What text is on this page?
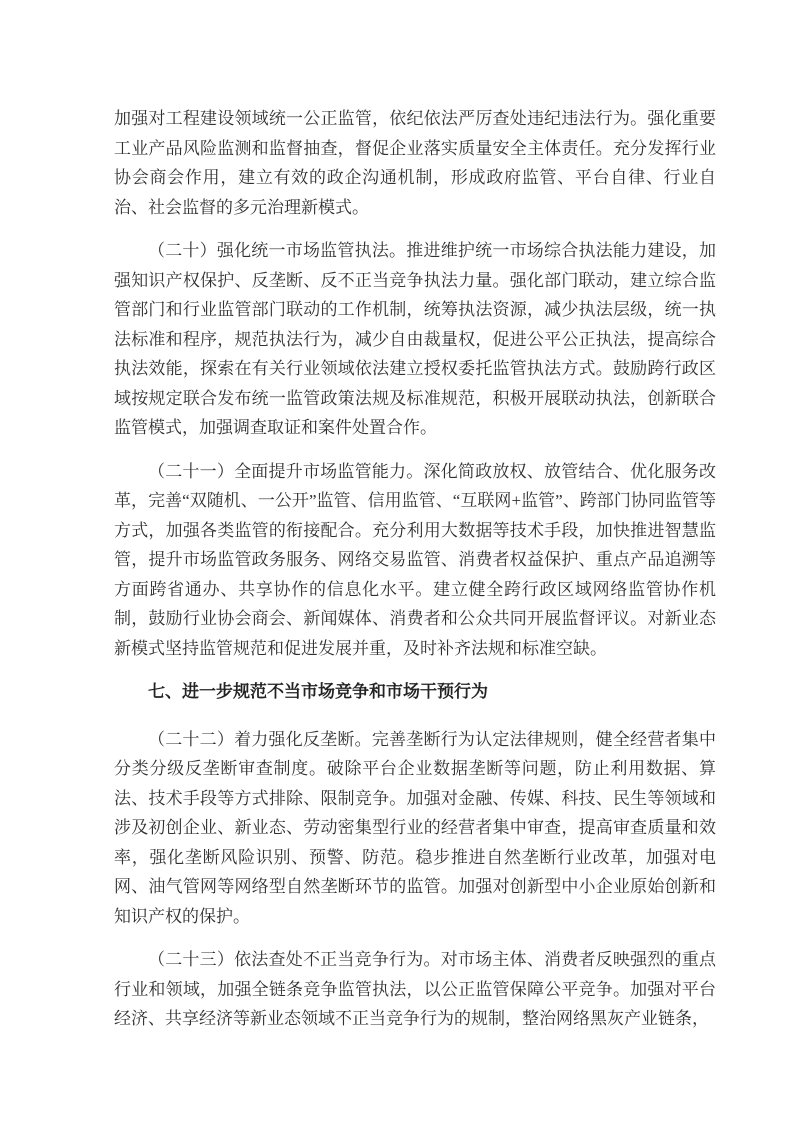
加强对工程建设领域统一公正监管，依纪依法严厉查处违纪违法行为。强化重要工业产品风险监测和监督抽查，督促企业落实质量安全主体责任。充分发挥行业协会商会作用，建立有效的政企沟通机制，形成政府监管、平台自律、行业自治、社会监督的多元治理新模式。

（二十）强化统一市场监管执法。推进维护统一市场综合执法能力建设，加强知识产权保护、反垄断、反不正当竞争执法力量。强化部门联动，建立综合监管部门和行业监管部门联动的工作机制，统筹执法资源，减少执法层级，统一执法标准和程序，规范执法行为，减少自由裁量权，促进公平公正执法，提高综合执法效能，探索在有关行业领域依法建立授权委托监管执法方式。鼓励跨行政区域按规定联合发布统一监管政策法规及标准规范，积极开展联动执法，创新联合监管模式，加强调查取证和案件处置合作。

（二十一）全面提升市场监管能力。深化简政放权、放管结合、优化服务改革，完善“双随机、一公开”监管、信用监管、“互联网+监管”、跨部门协同监管等方式，加强各类监管的衔接配合。充分利用大数据等技术手段，加快推进智慧监管，提升市场监管政务服务、网络交易监管、消费者权益保护、重点产品追溯等方面跨省通办、共享协作的信息化水平。建立健全跨行政区域网络监管协作机制，鼓励行业协会商会、新闻媒体、消费者和公众共同开展监督评议。对新业态新模式坚持监管规范和促进发展并重，及时补齐法规和标准空缺。

七、进一步规范不当市场竞争和市场干预行为

（二十二）着力强化反垄断。完善垄断行为认定法律规则，健全经营者集中分类分级反垄断审查制度。破除平台企业数据垄断等问题，防止利用数据、算法、技术手段等方式排除、限制竞争。加强对金融、传媒、科技、民生等领域和涉及初创企业、新业态、劳动密集型行业的经营者集中审查，提高审查质量和效率，强化垄断风险识别、预警、防范。稳步推进自然垄断行业改革，加强对电网、油气管网等网络型自然垄断环节的监管。加强对创新型中小企业原始创新和知识产权的保护。

（二十三）依法查处不正当竞争行为。对市场主体、消费者反映强烈的重点行业和领域，加强全链条竞争监管执法，以公正监管保障公平竞争。加强对平台经济、共享经济等新业态领域不正当竞争行为的规制，整治网络黑灰产业链条，
